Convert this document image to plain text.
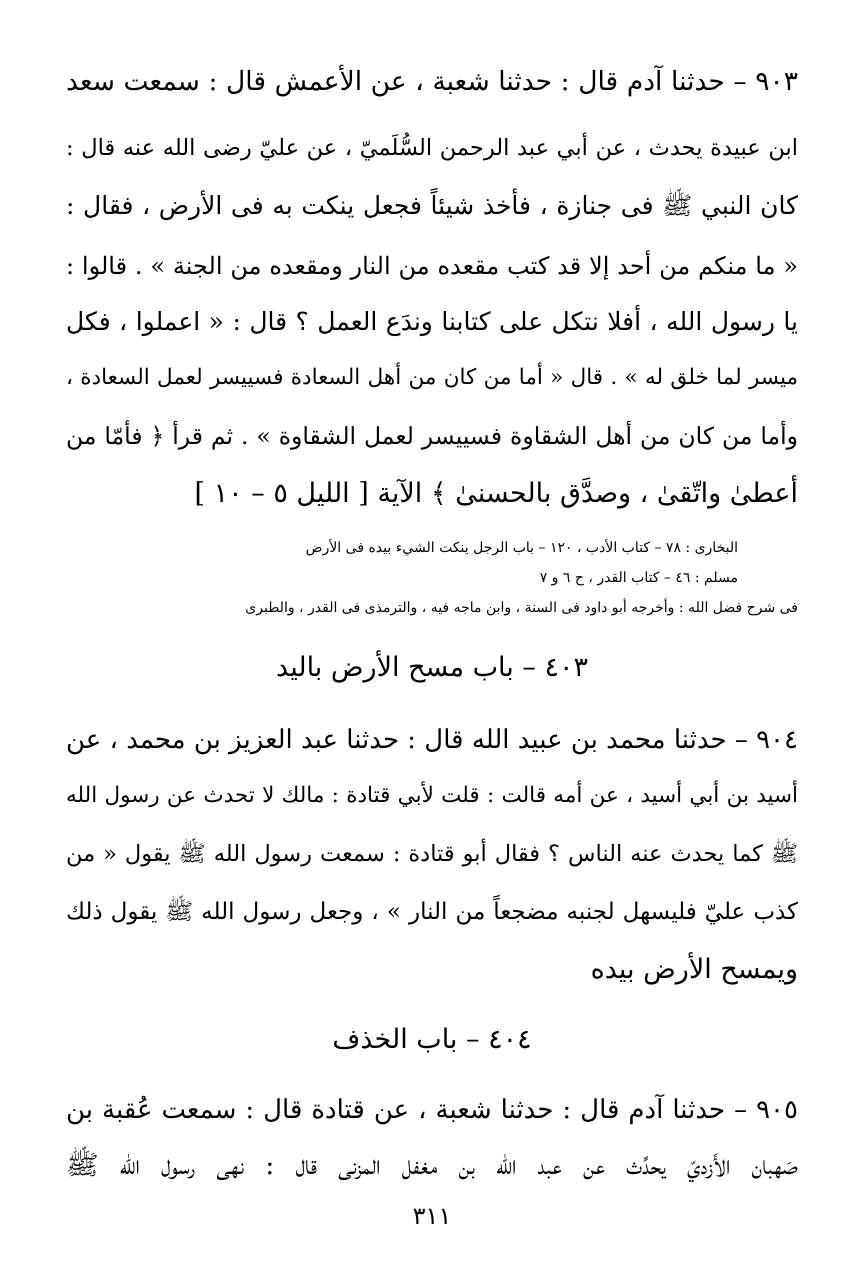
٩٠٣ – حدثنا آدم قال : حدثنا شعبة ، عن الأعمش قال : سمعت سعد
ابن عبيدة يحدث ، عن أبي عبد الرحمن السُّلَميّ ، عن عليّ رضى الله عنه قال :
كان النبي ﷺ فى جنازة ، فأخذ شيئاً فجعل ينكت به فى الأرض ، فقال :
« ما منكم من أحد إلا قد كتب مقعده من النار ومقعده من الجنة » . قالوا :
يا رسول الله ، أفلا نتكل على كتابنا وندَع العمل ؟ قال : « اعملوا ، فكل
ميسر لما خلق له » . قال « أما من كان من أهل السعادة فسييسر لعمل السعادة ،
وأما من كان من أهل الشقاوة فسييسر لعمل الشقاوة » . ثم قرأ ﴿ فأمّا من
أعطىٰ واتّقىٰ ، وصدَّق بالحسنىٰ ﴾ الآية [ الليل ٥ – ١٠ ]
البخارى : ٧٨ – كتاب الأدب ، ١٢٠ – باب الرجل ينكت الشيء بيده فى الأرض
مسلم : ٤٦ – كتاب القدر ، ح ٦ و ٧
فى شرح فضل الله : وأخرجه أبو داود فى السنة ، وابن ماجه فيه ، والترمذى فى القدر ، والطبرى
٤٠٣ – باب مسح الأرض باليد
٩٠٤ – حدثنا محمد بن عبيد الله قال : حدثنا عبد العزيز بن محمد ، عن
أسيد بن أبي أسيد ، عن أمه قالت : قلت لأبي قتادة : مالك لا تحدث عن رسول الله
ﷺ كما يحدث عنه الناس ؟ فقال أبو قتادة : سمعت رسول الله ﷺ يقول « من
كذب عليّ فليسهل لجنبه مضجعاً من النار » ، وجعل رسول الله ﷺ يقول ذلك
ويمسح الأرض بيده
٤٠٤ – باب الخذف
٩٠٥ – حدثنا آدم قال : حدثنا شعبة ، عن قتادة قال : سمعت عُقبة بن
صَهبان الأَزديّ يحدِّث عن عبد الله بن مغفل المزنى قال : نهى رسول الله ﷺ
٣١١
